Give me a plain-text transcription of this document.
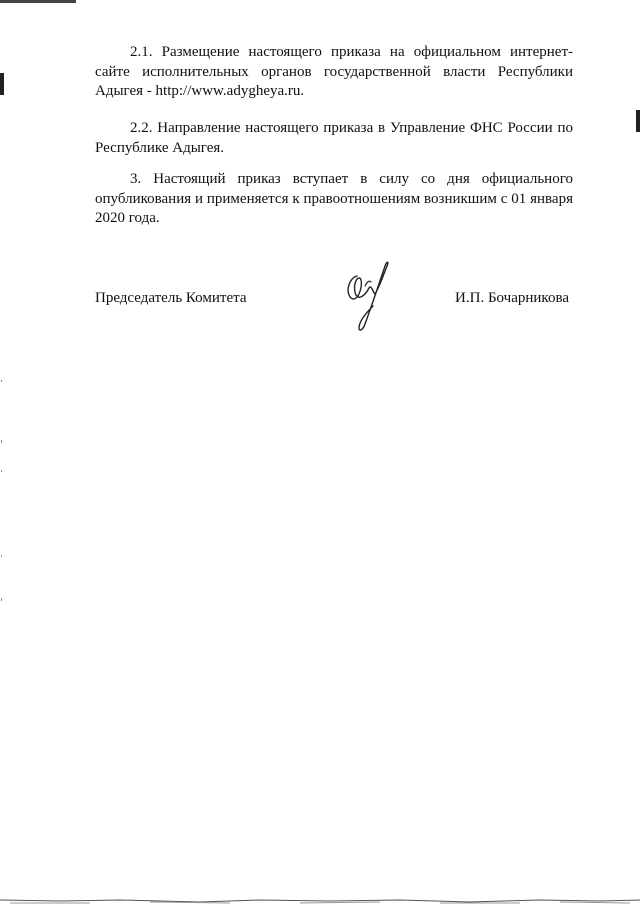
2.1. Размещение настоящего приказа на официальном интернет-сайте исполнительных органов государственной власти Республики Адыгея - http://www.adygheya.ru.

2.2. Направление настоящего приказа в Управление ФНС России по Республике Адыгея.

3. Настоящий приказ вступает в силу со дня официального опубликования и применяется к правоотношениям возникшим с 01 января 2020 года.

Председатель Комитета	И.П. Бочарникова
